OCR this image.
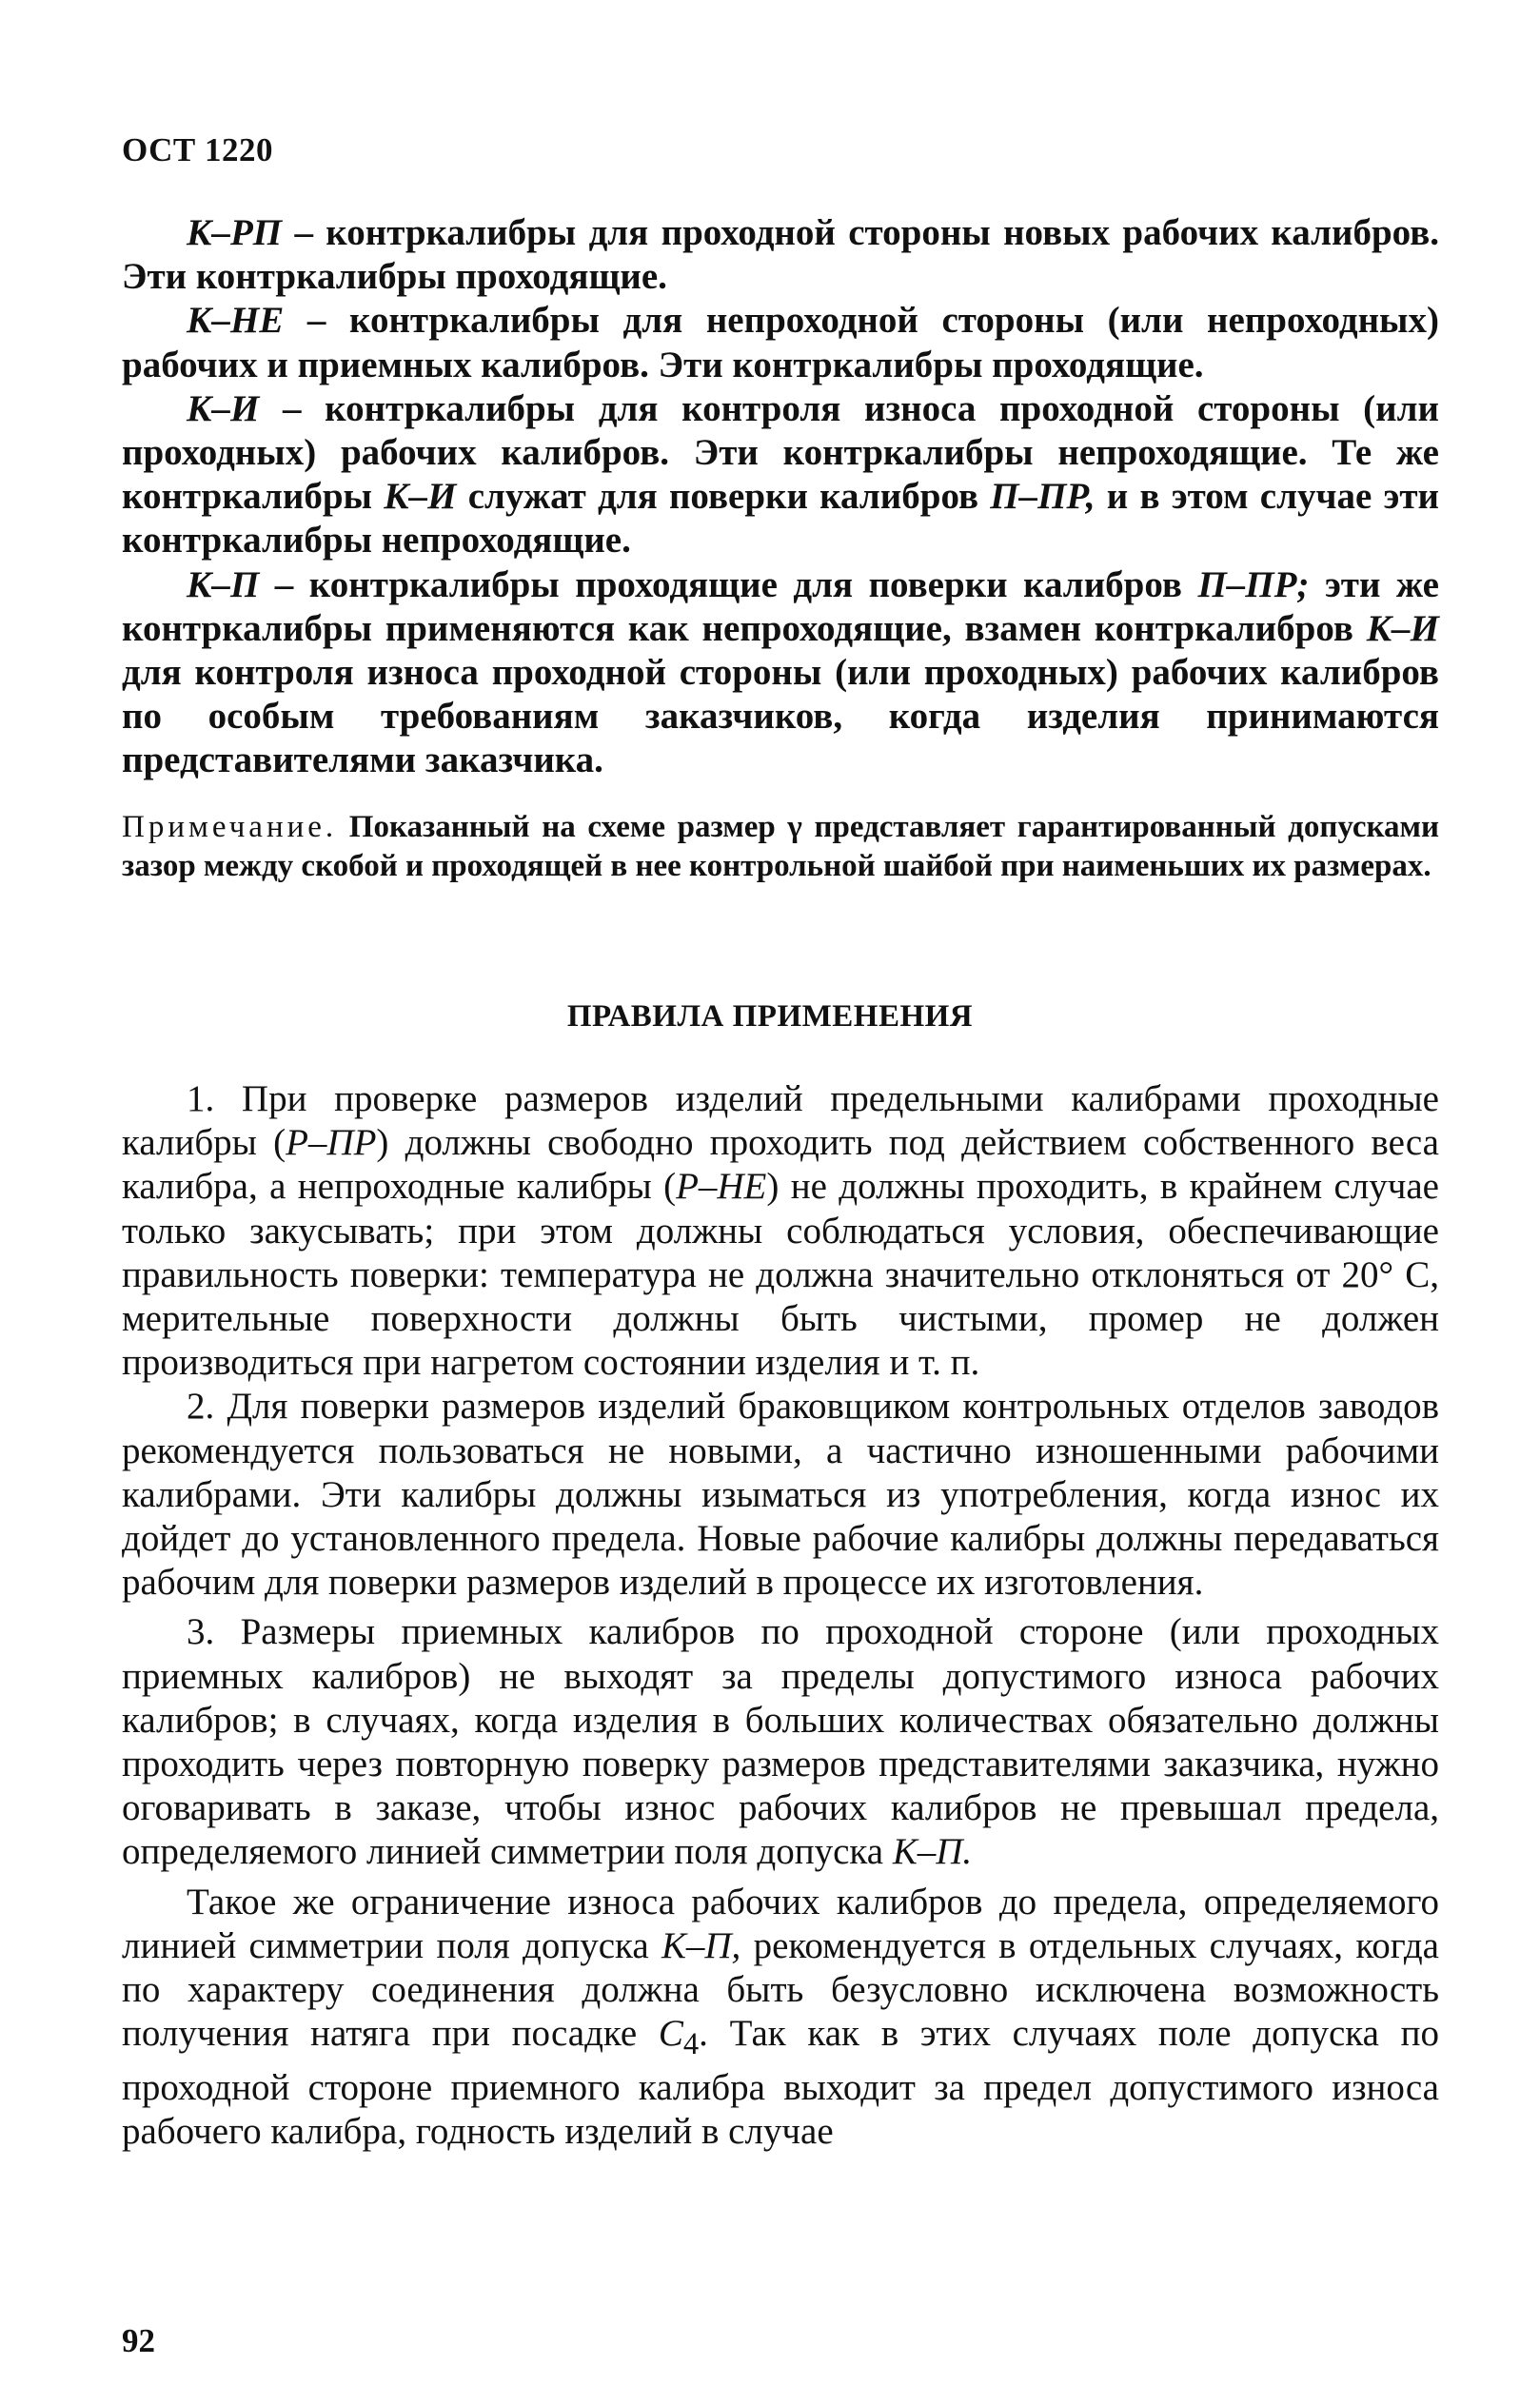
ОСТ 1220

К–РП – контркалибры для проходной стороны новых рабочих калибров. Эти контркалибры проходящие.

К–НЕ – контркалибры для непроходной стороны (или непроходных) рабочих и приемных калибров. Эти контркалибры проходящие.

К–И – контркалибры для контроля износа проходной стороны (или проходных) рабочих калибров. Эти контркалибры непроходящие. Те же контркалибры К–И служат для поверки калибров П–ПР, и в этом случае эти контркалибры непроходящие.

К–П – контркалибры проходящие для поверки калибров П–ПР; эти же контркалибры применяются как непроходящие, взамен контркалибров К–И для контроля износа проходной стороны (или проходных) рабочих калибров по особым требованиям заказчиков, когда изделия принимаются представителями заказчика.

Примечание. Показанный на схеме размер γ представляет гарантированный допусками зазор между скобой и проходящей в нее контрольной шайбой при наименьших их размерах.

ПРАВИЛА ПРИМЕНЕНИЯ

1. При проверке размеров изделий предельными калибрами проходные калибры (Р–ПР) должны свободно проходить под действием собственного веса калибра, а непроходные калибры (Р–НЕ) не должны проходить, в крайнем случае только закусывать; при этом должны соблюдаться условия, обеспечивающие правильность поверки: температура не должна значительно отклоняться от 20° С, мерительные поверхности должны быть чистыми, промер не должен производиться при нагретом состоянии изделия и т. п.

2. Для поверки размеров изделий браковщиком контрольных отделов заводов рекомендуется пользоваться не новыми, а частично изношенными рабочими калибрами. Эти калибры должны изыматься из употребления, когда износ их дойдет до установленного предела. Новые рабочие калибры должны передаваться рабочим для поверки размеров изделий в процессе их изготовления.

3. Размеры приемных калибров по проходной стороне (или проходных приемных калибров) не выходят за пределы допустимого износа рабочих калибров; в случаях, когда изделия в больших количествах обязательно должны проходить через повторную поверку размеров представителями заказчика, нужно оговаривать в заказе, чтобы износ рабочих калибров не превышал предела, определяемого линией симметрии поля допуска К–П.

Такое же ограничение износа рабочих калибров до предела, определяемого линией симметрии поля допуска К–П, рекомендуется в отдельных случаях, когда по характеру соединения должна быть безусловно исключена возможность получения натяга при посадке $C_4$. Так как в этих случаях поле допуска по проходной стороне приемного калибра выходит за предел допустимого износа рабочего калибра, годность изделий в случае

92
